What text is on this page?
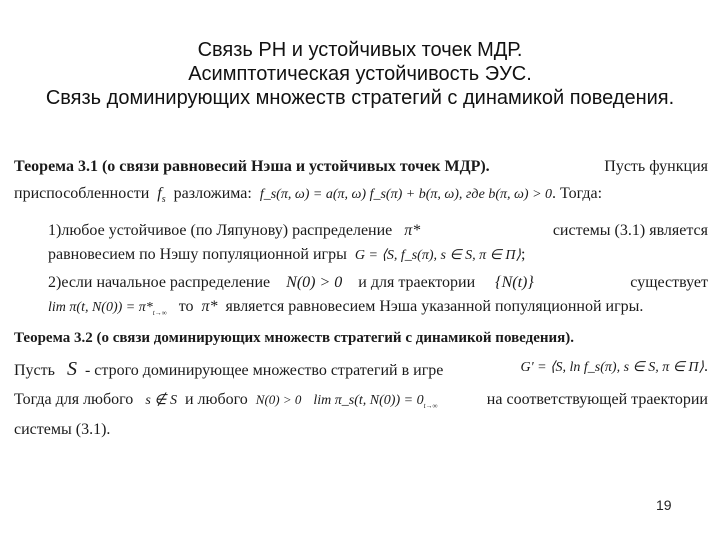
Связь РН и устойчивых точек МДР.
Асимптотическая устойчивость ЭУС.
Связь доминирующих множеств стратегий с динамикой поведения.
Теорема 3.1 (о связи равновесий Нэша и устойчивых точек МДР).	Пусть функция
приспособленности $f_s$ разложима: f_s(π, ω) = a(π, ω) f_s(π) + b(π, ω), где b(π, ω) > 0. Тогда:
1)любое устойчивое (по Ляпунову) распределение π*	системы (3.1) является
равновесием по Нэшу популяционной игры G = ⟨S, f_s(π), s ∈ S, π ∈ Π⟩;
2)если начальное распределение N(0) > 0 и для траектории {N(t)}	существует
lim π(t, $N(0)) = \pi*_{t\to\infty}$ то π* является равновесием Нэша указанной популяционной игры.
Теорема 3.2 (о связи доминирующих множеств стратегий с динамикой поведения).
Пусть S - строго доминирующее множество стратегий в игре	G' = ⟨S, ln f_s(π), s ∈ S, π ∈ Π⟩.
Тогда для любого s ∉ S и любого N(0) > 0 lim π_s(t, $N(0)) = 0_{t\to\infty}$	на соответствующей траектории
системы (3.1).
19
